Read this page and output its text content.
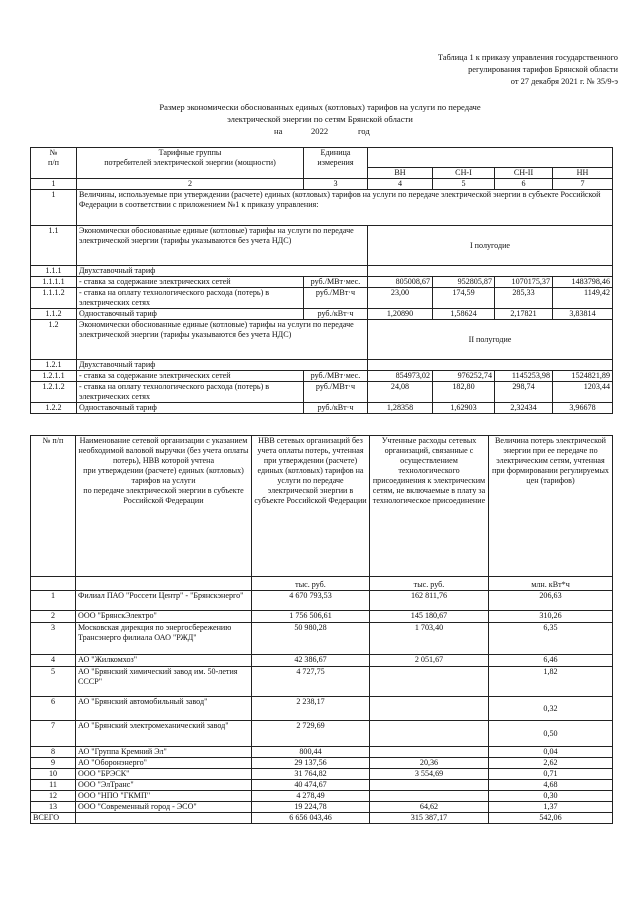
Таблица 1 к приказу управления государственного
регулирования тарифов Брянской области
от 27 декабря 2021 г. № 35/9-э
Размер экономически обоснованных единых (котловых) тарифов на услуги по передаче
электрической энергии по сетям Брянской области
на	2022	год
№
п/п	Тарифные группы
потребителей электрической энергии (мощности)	Единица
измерения				
			ВН	СН-I	СН-II	НН
1	2	3	4	5	6	7
1	Величины, используемые при утверждении (расчете) единых (котловых) тарифов на услуги по передаче электрической энергии в субъекте Российской Федерации в соответствии с приложением №1 к приказу управления:					
1.1	Экономически обоснованные единые (котловые) тарифы на услуги по передаче электрической энергии (тарифы указываются без учета НДС)		I полугодие			
1.1.1	Двухставочный тариф					
1.1.1.1	- ставка за содержание электрических сетей	руб./МВт·мес.	805008,67	952805,87	1070175,37	1483798,46
1.1.1.2	- ставка на оплату технологического расхода (потерь) в электрических сетях	руб./МВт·ч	23,00	174,59	285,33	1149,42
1.1.2	Одноставочный тариф	руб./кВт·ч	1,20890	1,58624	2,17821	3,83814
1.2	Экономически обоснованные единые (котловые) тарифы на услуги по передаче электрической энергии (тарифы указываются без учета НДС)		II полугодие			
1.2.1	Двухставочный тариф					
1.2.1.1	- ставка за содержание электрических сетей	руб./МВт·мес.	854973,02	976252,74	1145253,98	1524821,89
1.2.1.2	- ставка на оплату технологического расхода (потерь) в электрических сетях	руб./МВт·ч	24,08	182,80	298,74	1203,44
1.2.2	Одноставочный тариф	руб./кВт·ч	1,28358	1,62903	2,32434	3,96678
№ п/п	Наименование сетевой организации с указанием необходимой валовой выручки (без учета оплаты потерь), НВВ которой учтена
при утверждении (расчете) единых (котловых) тарифов на услуги
по передаче электрической энергии в субъекте
Российской Федерации	НВВ сетевых организаций без учета оплаты потерь, учтенная при утверждении (расчете) единых (котловых) тарифов на услуги по передаче электрической энергии в субъекте Российской Федерации	Учтенные расходы сетевых организаций, связанные с осуществлением технологического присоединения к электрическим сетям, не включаемые в плату за технологическое присоединение	Величина потерь электрической энергии при ее передаче по электрическим сетям, учтенная при формировании регулируемых цен (тарифов)
		тыс. руб.	тыс. руб.	млн. кВт*ч
1	Филиал ПАО "Россети Центр" - "Брянскэнерго"	4 670 793,53	162 811,76	206,63
2	ООО "БрянскЭлектро"	1 756 506,61	145 180,67	310,26
3	Московская дирекция по энергосбережению Трансэнерго филиала ОАО "РЖД"	50 980,28	1 703,40	6,35
4	АО "Жилкомхоз"	42 386,67	2 051,67	6,46
5	АО "Брянский химический завод им. 50-летия СССР"	4 727,75		1,82
6	АО "Брянский автомобильный завод"	2 238,17		0,32
7	АО "Брянский электромеханический завод"	2 729,69		0,50
8	АО "Группа Кремний Эл"	800,44		0,04
9	АО "Оборонэнерго"	29 137,56	20,36	2,62
10	ООО "БРЭСК"	31 764,82	3 554,69	0,71
11	ООО "ЭлТранс"	40 474,67		4,68
12	ООО "НПО "ГКМП"	4 278,49		0,30
13	ООО "Современный город - ЭСО"	19 224,78	64,62	1,37
ВСЕГО		6 656 043,46	315 387,17	542,06
